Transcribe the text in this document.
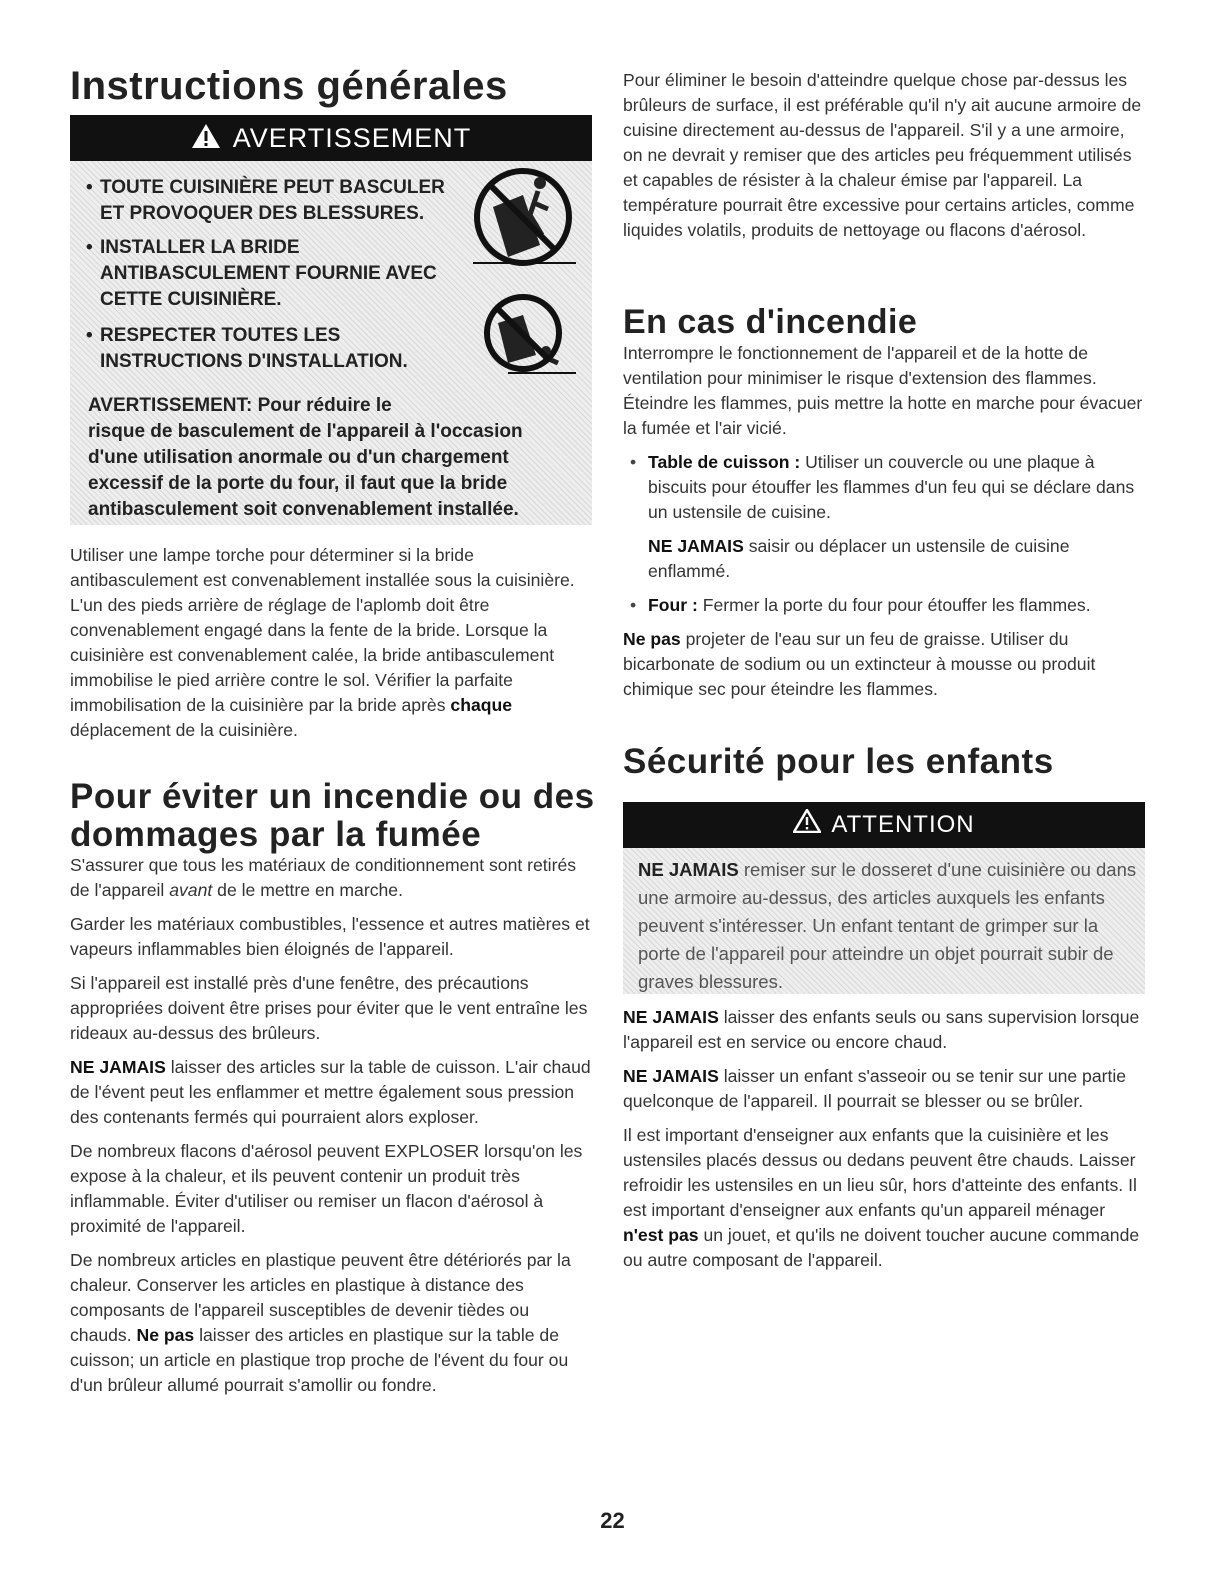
Instructions générales
AVERTISSEMENT
• TOUTE CUISINIÈRE PEUT BASCULER
ET PROVOQUER DES BLESSURES.
• INSTALLER LA BRIDE
ANTIBASCULEMENT FOURNIE AVEC
CETTE CUISINIÈRE.
• RESPECTER TOUTES LES
INSTRUCTIONS D'INSTALLATION.
AVERTISSEMENT: Pour réduire le
risque de basculement de l'appareil à l'occasion
d'une utilisation anormale ou d'un chargement
excessif de la porte du four, il faut que la bride
antibasculement soit convenablement installée.

Utiliser une lampe torche pour déterminer si la bride antibasculement est convenablement installée sous la cuisinière. L'un des pieds arrière de réglage de l'aplomb doit être convenablement engagé dans la fente de la bride. Lorsque la cuisinière est convenablement calée, la bride antibasculement immobilise le pied arrière contre le sol. Vérifier la parfaite immobilisation de la cuisinière par la bride après chaque déplacement de la cuisinière.

Pour éviter un incendie ou des
dommages par la fumée

S'assurer que tous les matériaux de conditionnement sont retirés de l'appareil avant de le mettre en marche.

Garder les matériaux combustibles, l'essence et autres matières et vapeurs inflammables bien éloignés de l'appareil.

Si l'appareil est installé près d'une fenêtre, des précautions appropriées doivent être prises pour éviter que le vent entraîne les rideaux au-dessus des brûleurs.

NE JAMAIS laisser des articles sur la table de cuisson. L'air chaud de l'évent peut les enflammer et mettre également sous pression des contenants fermés qui pourraient alors exploser.

De nombreux flacons d'aérosol peuvent EXPLOSER lorsqu'on les expose à la chaleur, et ils peuvent contenir un produit très inflammable. Éviter d'utiliser ou remiser un flacon d'aérosol à proximité de l'appareil.

De nombreux articles en plastique peuvent être détériorés par la chaleur. Conserver les articles en plastique à distance des composants de l'appareil susceptibles de devenir tièdes ou chauds. Ne pas laisser des articles en plastique sur la table de cuisson; un article en plastique trop proche de l'évent du four ou d'un brûleur allumé pourrait s'amollir ou fondre.

Pour éliminer le besoin d'atteindre quelque chose par-dessus les brûleurs de surface, il est préférable qu'il n'y ait aucune armoire de cuisine directement au-dessus de l'appareil. S'il y a une armoire, on ne devrait y remiser que des articles peu fréquemment utilisés et capables de résister à la chaleur émise par l'appareil. La température pourrait être excessive pour certains articles, comme liquides volatils, produits de nettoyage ou flacons d'aérosol.

En cas d'incendie

Interrompre le fonctionnement de l'appareil et de la hotte de ventilation pour minimiser le risque d'extension des flammes. Éteindre les flammes, puis mettre la hotte en marche pour évacuer la fumée et l'air vicié.

• Table de cuisson : Utiliser un couvercle ou une plaque à biscuits pour étouffer les flammes d'un feu qui se déclare dans un ustensile de cuisine.

NE JAMAIS saisir ou déplacer un ustensile de cuisine enflammé.

• Four : Fermer la porte du four pour étouffer les flammes.

Ne pas projeter de l'eau sur un feu de graisse. Utiliser du bicarbonate de sodium ou un extincteur à mousse ou produit chimique sec pour éteindre les flammes.

Sécurité pour les enfants
ATTENTION
NE JAMAIS remiser sur le dosseret d'une cuisinière ou dans une armoire au-dessus, des articles auxquels les enfants peuvent s'intéresser. Un enfant tentant de grimper sur la porte de l'appareil pour atteindre un objet pourrait subir de graves blessures.

NE JAMAIS laisser des enfants seuls ou sans supervision lorsque l'appareil est en service ou encore chaud.

NE JAMAIS laisser un enfant s'asseoir ou se tenir sur une partie quelconque de l'appareil. Il pourrait se blesser ou se brûler.

Il est important d'enseigner aux enfants que la cuisinière et les ustensiles placés dessus ou dedans peuvent être chauds. Laisser refroidir les ustensiles en un lieu sûr, hors d'atteinte des enfants. Il est important d'enseigner aux enfants qu'un appareil ménager n'est pas un jouet, et qu'ils ne doivent toucher aucune commande ou autre composant de l'appareil.

22
